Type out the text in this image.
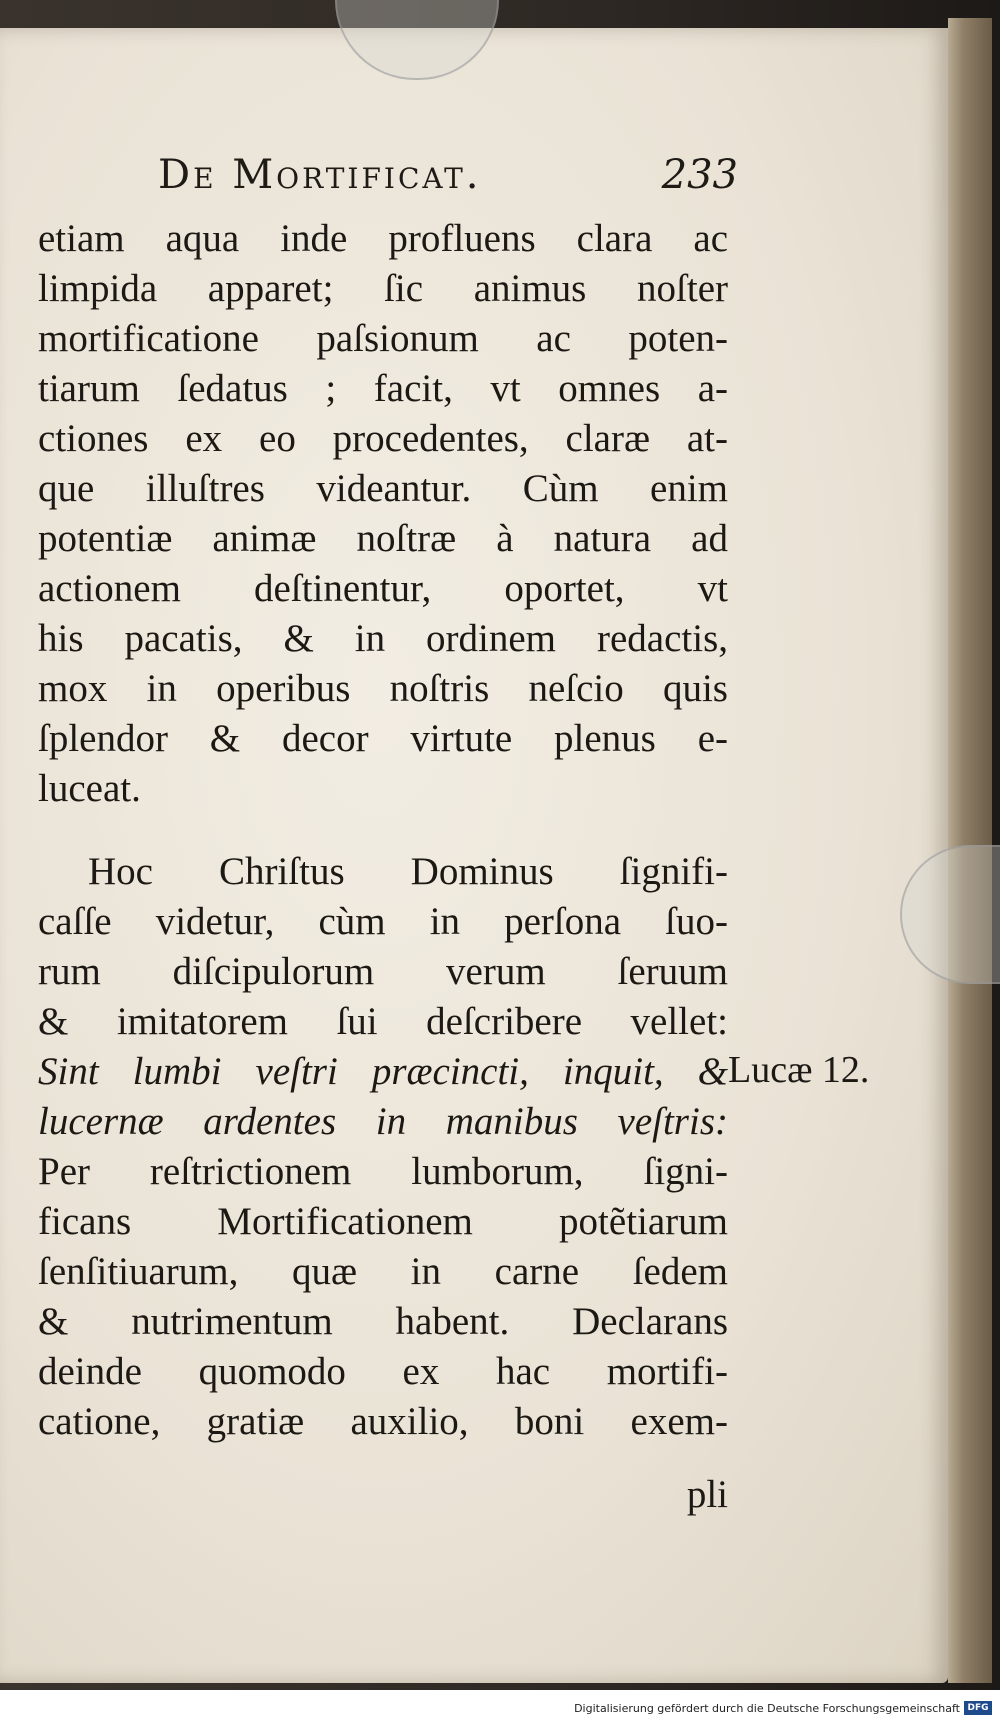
De Mortificat.	233
etiam aqua inde profluens clara ac
limpida apparet; ſic animus noſter
mortificatione paſsionum ac poten-
tiarum ſedatus ; facit, vt omnes a-
ctiones ex eo procedentes, claræ at-
que illuſtres videantur. Cùm enim
potentiæ animæ noſtræ à natura ad
actionem deſtinentur, oportet, vt
his pacatis, & in ordinem redactis,
mox in operibus noſtris neſcio quis
ſplendor & decor virtute plenus e-
luceat.
Hoc Chriſtus Dominus ſignifi-
caſſe videtur, cùm in perſona ſuo-
rum diſcipulorum verum ſeruum
& imitatorem ſui deſcribere vellet:
Sint lumbi veſtri præcincti, inquit, &
lucernæ ardentes in manibus veſtris:
Per reſtrictionem lumborum, ſigni-
ficans Mortificationem potẽtiarum
ſenſitiuarum, quæ in carne ſedem
& nutrimentum habent. Declarans
deinde quomodo ex hac mortifi-
catione, gratiæ auxilio, boni exem-
pli
Lucæ 12.
Digitalisierung gefördert durch die Deutsche Forschungsgemeinschaft DFG
